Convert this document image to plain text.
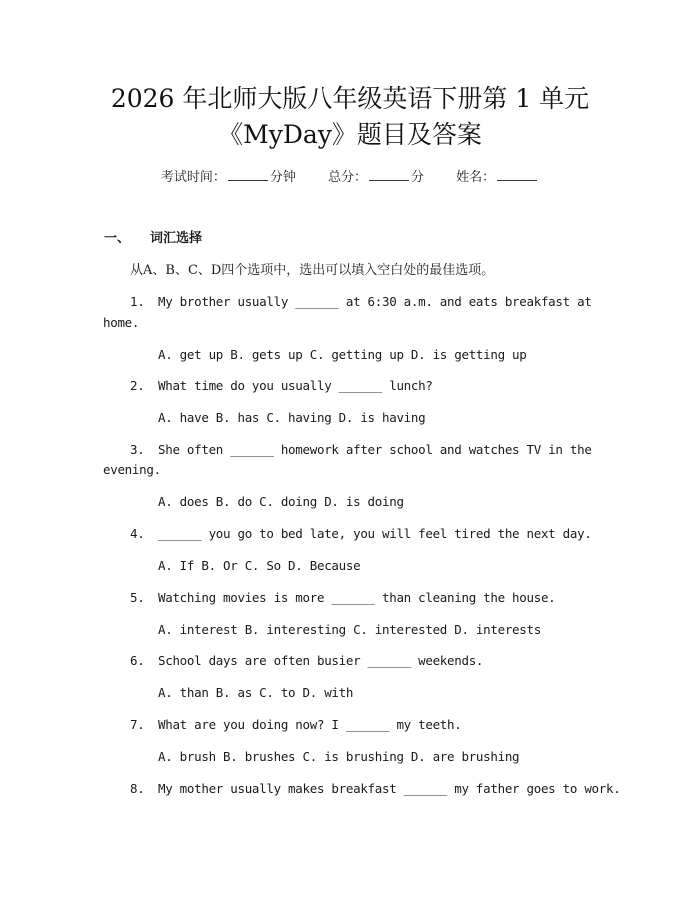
2026 年北师大版八年级英语下册第 1 单元
《MyDay》题目及答案
考试时间：	分钟 总分：	分 姓名：
一、 词汇选择
从A、B、C、D四个选项中，选出可以填入空白处的最佳选项。
1. My brother usually ______ at 6:30 a.m. and eats breakfast at
home.
A. get up B. gets up C. getting up D. is getting up
2. What time do you usually ______ lunch?
A. have B. has C. having D. is having
3. She often ______ homework after school and watches TV in the
evening.
A. does B. do C. doing D. is doing
4. ______ you go to bed late, you will feel tired the next day.
A. If B. Or C. So D. Because
5. Watching movies is more ______ than cleaning the house.
A. interest B. interesting C. interested D. interests
6. School days are often busier ______ weekends.
A. than B. as C. to D. with
7. What are you doing now? I ______ my teeth.
A. brush B. brushes C. is brushing D. are brushing
8. My mother usually makes breakfast ______ my father goes to work.
